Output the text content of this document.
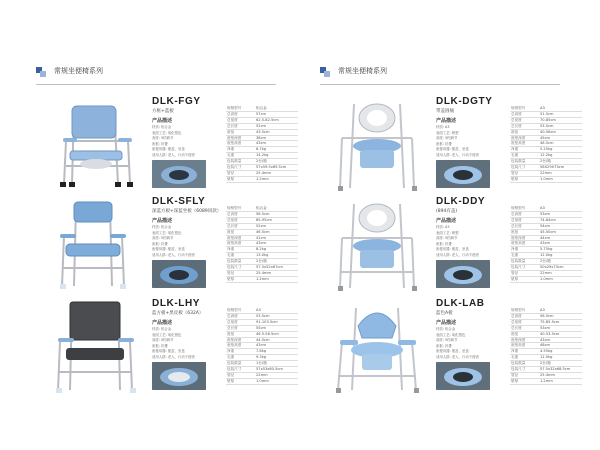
常规坐便椅系列
DLK-FGY
方框+蓝板
产品描述
材质: 铝合金
表面工艺: 氧化银色
高度: 5档调节
座框: 折叠
座便用器: 便盆、坐盖
适用人群: 老人、行动不便者
规格型号	铝合金
总高度	57cm
总宽度	62.5-82.5cm
总长度	52cm
座宽	43.5cm
座垫深度	38cm
座垫高度	43cm
净重	6.7kg
毛重	14.2kg
包装数量	2台/箱
包装尺寸	57x59.5x69.5cm
管径	25.4mm
壁厚	1.2mm
DLK-SFLY
深蓝方板+深蓝坐板（6089同款）
产品描述
材质: 铝合金
表面工艺: 氧化银色
高度: 5档调节
座框: 折叠
座便用器: 便盆、坐盖
适用人群: 老人、行动不便者
规格型号	铝合金
总高度	56.5cm
总宽度	85-95cm
总长度	52cm
座宽	46.5cm
座垫深度	41cm
座垫高度	43cm
净重	8.2kg
毛重	13.0kg
包装数量	2台/箱
包装尺寸	57.5x52x67cm
管径	25.4mm
壁厚	1.2mm
DLK-LHY
蓝方板+黑皮板（632A）
产品描述
材质: 铝合金
表面工艺: 氧化银色
高度: 5档调节
座框: 折叠
座便用器: 便盆、坐盖
适用人群: 老人、行动不便者
规格型号	A3
总高度	53.5cm
总宽度	91-103.5cm
总长度	55cm
座宽	46.5-56.5cm
座垫深度	44.5cm
座垫高度	43cm
净重	7.8kg
毛重	9.3kg
包装数量	1台/箱
包装尺寸	57x53x60.5cm
管径	22mm
壁厚	1.0mm
常规坐便椅系列
DLK-DGTY
带盖圆桶
产品描述
材质: A3
表面工艺: 喷塑
高度: 5档调节
座框: 折叠
座便用器: 便盆、坐盖
适用人群: 老人、行动不便者
规格型号	A3
总高度	51.5cm
总宽度	70-85cm
总长度	53.5cm
座宽	40-56cm
座垫深度	45cm
座垫高度	48.5cm
净重	5.25kg
毛重	12.2kg
包装数量	2台/箱
包装尺寸	56X29X73cm
管径	22mm
壁厚	1.0mm
DLK-DDY
(894有盖)
产品描述
材质: A3
表面工艺: 喷塑
高度: 5档调节
座框: 折叠
座便用器: 便盆、坐盖
适用人群: 老人、行动不便者
规格型号	A3
总高度	53cm
总宽度	74-84cm
总长度	54cm
座宽	45-50cm
座垫深度	44cm
座垫高度	43cm
净重	5.75kg
毛重	12.0kg
包装数量	2台/箱
包装尺寸	50x29x73cm
管径	22mm
壁厚	1.0mm
DLK-LAB
蓝色A板
产品描述
材质: 铝合金
表面工艺: 氧化银色
高度: 5档调节
座框: 折叠
座便用器: 便盆、坐盖
适用人群: 老人、行动不便者
规格型号	A3
总高度	56.5cm
总宽度	75-85.5cm
总长度	53cm
座宽	40-53.5cm
座垫深度	43cm
座垫高度	48cm
净重	4.55kg
毛重	11.5kg
包装数量	2台/箱
包装尺寸	57.5x32x68.5cm
管径	25.4mm
壁厚	1.2mm
